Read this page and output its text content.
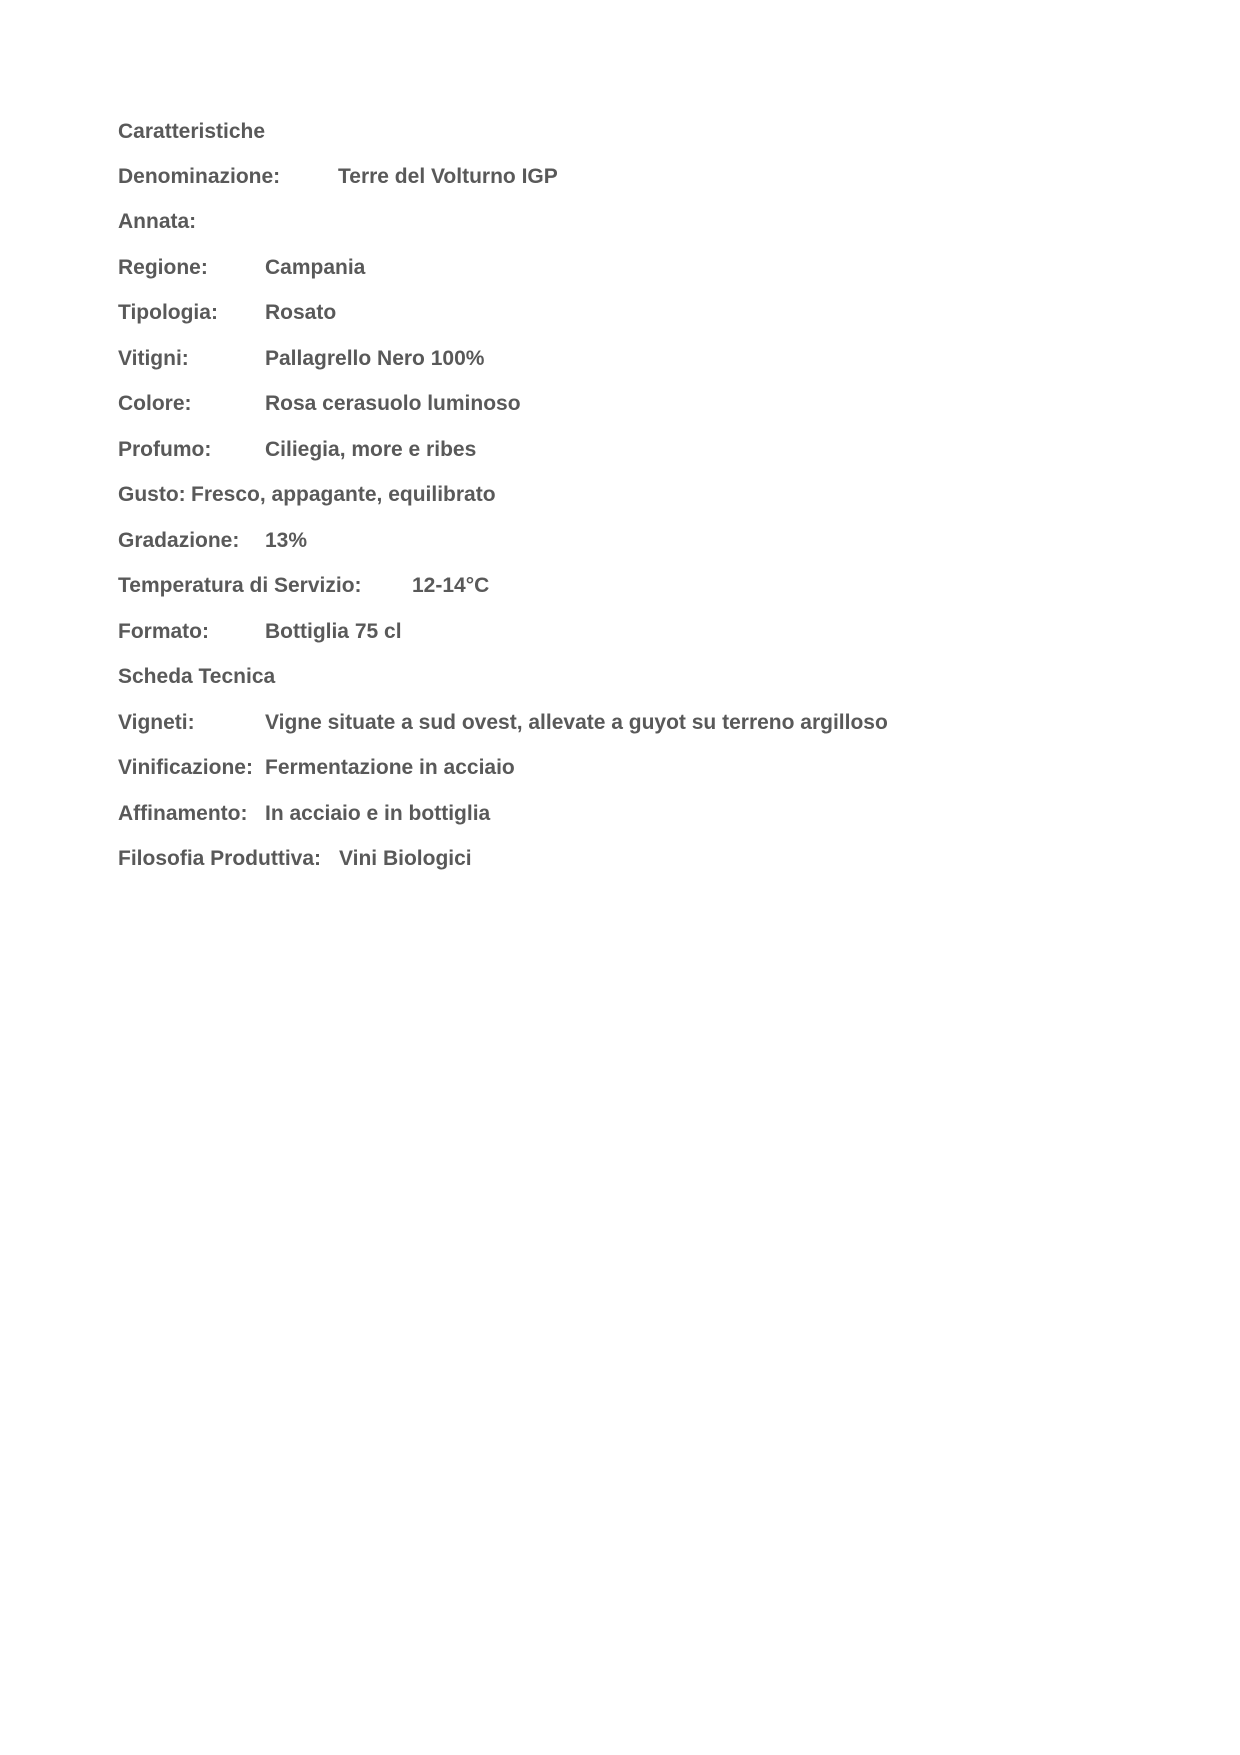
Caratteristiche
Denominazione:	Terre del Volturno IGP
Annata:
Regione:	Campania
Tipologia: Rosato
Vitigni:	Pallagrello Nero 100%
Colore:	Rosa cerasuolo luminoso
Profumo:	Ciliegia, more e ribes
Gusto: Fresco, appagante, equilibrato
Gradazione: 13%
Temperatura di Servizio: 12-14°C
Formato:	Bottiglia 75 cl
Scheda Tecnica
Vigneti:	Vigne situate a sud ovest, allevate a guyot su terreno argilloso
Vinificazione: Fermentazione in acciaio
Affinamento: In acciaio e in bottiglia
Filosofia Produttiva: Vini Biologici
